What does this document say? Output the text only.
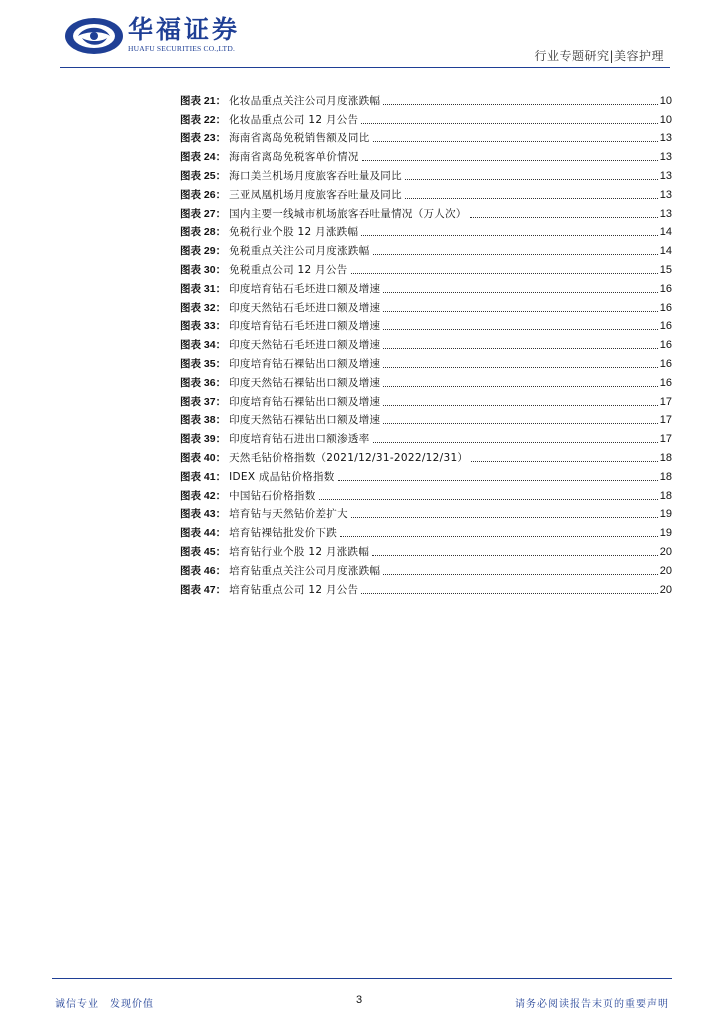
华福证券
HUAFU SECURITIES CO.,LTD.
行业专题研究|美容护理
图表 21： 化妆品重点关注公司月度涨跌幅	10
图表 22： 化妆品重点公司 12 月公告	10
图表 23： 海南省离岛免税销售额及同比	13
图表 24： 海南省离岛免税客单价情况	13
图表 25： 海口美兰机场月度旅客吞吐量及同比	13
图表 26： 三亚凤凰机场月度旅客吞吐量及同比	13
图表 27： 国内主要一线城市机场旅客吞吐量情况（万人次）	13
图表 28： 免税行业个股 12 月涨跌幅	14
图表 29： 免税重点关注公司月度涨跌幅	14
图表 30： 免税重点公司 12 月公告	15
图表 31： 印度培育钻石毛坯进口额及增速	16
图表 32： 印度天然钻石毛坯进口额及增速	16
图表 33： 印度培育钻石毛坯进口额及增速	16
图表 34： 印度天然钻石毛坯进口额及增速	16
图表 35： 印度培育钻石裸钻出口额及增速	16
图表 36： 印度天然钻石裸钻出口额及增速	16
图表 37： 印度培育钻石裸钻出口额及增速	17
图表 38： 印度天然钻石裸钻出口额及增速	17
图表 39： 印度培育钻石进出口额渗透率	17
图表 40： 天然毛钻价格指数（2021/12/31-2022/12/31）	18
图表 41： IDEX 成品钻价格指数	18
图表 42： 中国钻石价格指数	18
图表 43： 培育钻与天然钻价差扩大	19
图表 44： 培育钻裸钻批发价下跌	19
图表 45： 培育钻行业个股 12 月涨跌幅	20
图表 46： 培育钻重点关注公司月度涨跌幅	20
图表 47： 培育钻重点公司 12 月公告	20
诚信专业　发现价值	3	请务必阅读报告末页的重要声明
